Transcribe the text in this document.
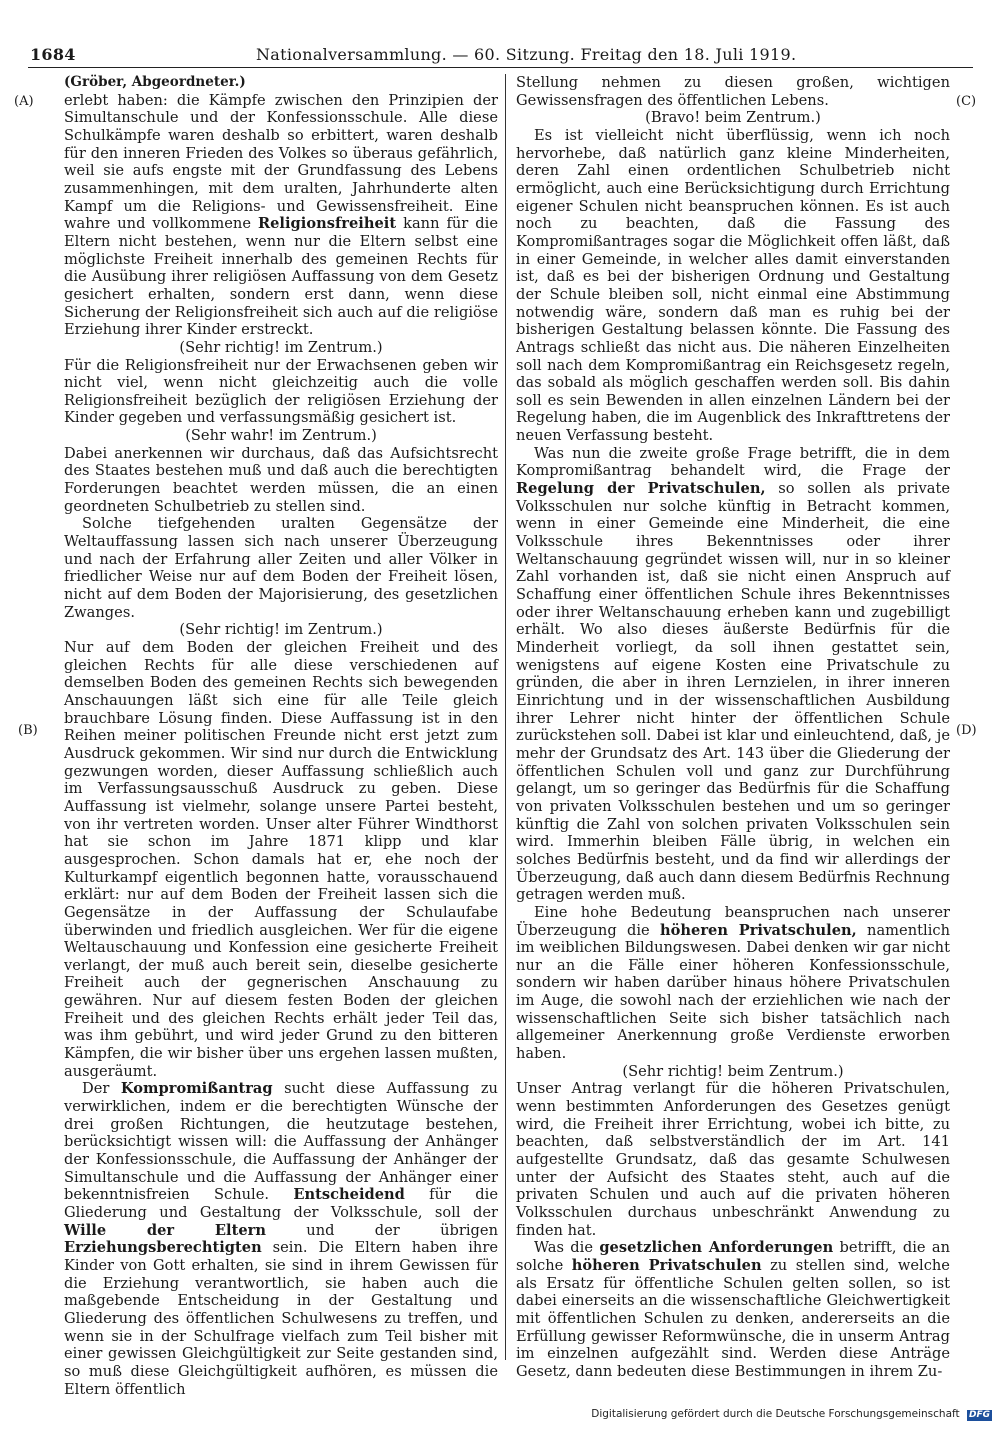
1684	Nationalversammlung. — 60. Sitzung. Freitag den 18. Juli 1919.
(A)
(B)
(C)
(D)

(Gröber, Abgeordneter.)

erlebt haben: die Kämpfe zwischen den Prinzipien der Simultanschule und der Konfessionsschule. Alle diese Schulkämpfe waren deshalb so erbittert, waren deshalb für den inneren Frieden des Volkes so überaus gefährlich, weil sie aufs engste mit der Grundfassung des Lebens zusammenhingen, mit dem uralten, Jahrhunderte alten Kampf um die Religions- und Gewissensfreiheit. Eine wahre und vollkommene Religionsfreiheit kann für die Eltern nicht bestehen, wenn nur die Eltern selbst eine möglichste Freiheit innerhalb des gemeinen Rechts für die Ausübung ihrer religiösen Auffassung von dem Gesetz gesichert erhalten, sondern erst dann, wenn diese Sicherung der Religionsfreiheit sich auch auf die religiöse Erziehung ihrer Kinder erstreckt.

(Sehr richtig! im Zentrum.)

Für die Religionsfreiheit nur der Erwachsenen geben wir nicht viel, wenn nicht gleichzeitig auch die volle Religionsfreiheit bezüglich der religiösen Erziehung der Kinder gegeben und verfassungsmäßig gesichert ist.

(Sehr wahr! im Zentrum.)

Dabei anerkennen wir durchaus, daß das Aufsichtsrecht des Staates bestehen muß und daß auch die berechtigten Forderungen beachtet werden müssen, die an einen geordneten Schulbetrieb zu stellen sind.

Solche tiefgehenden uralten Gegensätze der Weltauffassung lassen sich nach unserer Überzeugung und nach der Erfahrung aller Zeiten und aller Völker in friedlicher Weise nur auf dem Boden der Freiheit lösen, nicht auf dem Boden der Majorisierung, des gesetzlichen Zwanges.

(Sehr richtig! im Zentrum.)

Nur auf dem Boden der gleichen Freiheit und des gleichen Rechts für alle diese verschiedenen auf demselben Boden des gemeinen Rechts sich bewegenden Anschauungen läßt sich eine für alle Teile gleich brauchbare Lösung finden. Diese Auffassung ist in den Reihen meiner politischen Freunde nicht erst jetzt zum Ausdruck gekommen. Wir sind nur durch die Entwicklung gezwungen worden, dieser Auffassung schließlich auch im Verfassungsausschuß Ausdruck zu geben. Diese Auffassung ist vielmehr, solange unsere Partei besteht, von ihr vertreten worden. Unser alter Führer Windthorst hat sie schon im Jahre 1871 klipp und klar ausgesprochen. Schon damals hat er, ehe noch der Kulturkampf eigentlich begonnen hatte, vorausschauend erklärt: nur auf dem Boden der Freiheit lassen sich die Gegensätze in der Auffassung der Schulaufabe überwinden und friedlich ausgleichen. Wer für die eigene Weltauschauung und Konfession eine gesicherte Freiheit verlangt, der muß auch bereit sein, dieselbe gesicherte Freiheit auch der gegnerischen Anschauung zu gewähren. Nur auf diesem festen Boden der gleichen Freiheit und des gleichen Rechts erhält jeder Teil das, was ihm gebührt, und wird jeder Grund zu den bitteren Kämpfen, die wir bisher über uns ergehen lassen mußten, ausgeräumt.

Der Kompromißantrag sucht diese Auffassung zu verwirklichen, indem er die berechtigten Wünsche der drei großen Richtungen, die heutzutage bestehen, berücksichtigt wissen will: die Auffassung der Anhänger der Konfessionsschule, die Auffassung der Anhänger der Simultanschule und die Auffassung der Anhänger einer bekenntnisfreien Schule. Entscheidend für die Gliederung und Gestaltung der Volksschule, soll der Wille der Eltern	und der übrigen Erziehungsberechtigten sein. Die Eltern haben ihre Kinder von Gott erhalten, sie sind in ihrem Gewissen für die Erziehung verantwortlich, sie haben auch die maßgebende Entscheidung in der Gestaltung und Gliederung des öffentlichen Schulwesens zu treffen, und wenn sie in der Schulfrage vielfach zum Teil bisher mit einer gewissen Gleichgültigkeit zur Seite gestanden sind, so muß diese Gleichgültigkeit aufhören, es müssen die Eltern öffentlich

Stellung nehmen zu diesen großen, wichtigen Gewissensfragen des öffentlichen Lebens.

(Bravo! beim Zentrum.)

Es ist vielleicht nicht überflüssig, wenn ich noch hervorhebe, daß natürlich ganz kleine Minderheiten, deren Zahl einen ordentlichen Schulbetrieb nicht ermöglicht, auch eine Berücksichtigung durch Errichtung eigener Schulen nicht beanspruchen können. Es ist auch noch zu beachten, daß die Fassung des Kompromißantrages sogar die Möglichkeit offen läßt, daß in einer Gemeinde, in welcher alles damit einverstanden ist, daß es bei der bisherigen Ordnung und Gestaltung der Schule bleiben soll, nicht einmal eine Abstimmung notwendig wäre, sondern daß man es ruhig bei der bisherigen Gestaltung belassen könnte. Die Fassung des Antrags schließt das nicht aus. Die näheren Einzelheiten soll nach dem Kompromißantrag ein Reichsgesetz regeln, das sobald als möglich geschaffen werden soll. Bis dahin soll es sein Bewenden in allen einzelnen Ländern bei der Regelung haben, die im Augenblick des Inkrafttretens der neuen Verfassung besteht.

Was nun die zweite große Frage betrifft, die in dem Kompromißantrag behandelt wird, die Frage der Regelung der Privatschulen, so sollen als private Volksschulen nur solche künftig in Betracht kommen, wenn in einer Gemeinde eine Minderheit, die eine Volksschule ihres Bekenntnisses oder ihrer Weltanschauung gegründet wissen will, nur in so kleiner Zahl vorhanden ist, daß sie nicht einen Anspruch auf Schaffung einer öffentlichen Schule ihres Bekenntnisses oder ihrer Weltanschauung erheben kann und zugebilligt erhält. Wo also dieses äußerste Bedürfnis für die Minderheit vorliegt, da soll ihnen gestattet sein, wenigstens auf eigene Kosten eine Privatschule zu gründen, die aber in ihren Lernzielen, in ihrer inneren Einrichtung und in der wissenschaftlichen Ausbildung ihrer Lehrer nicht hinter der öffentlichen Schule zurückstehen soll. Dabei ist klar und einleuchtend, daß, je mehr der Grundsatz des Art. 143 über die Gliederung der öffentlichen Schulen voll und ganz zur Durchführung gelangt, um so geringer das Bedürfnis für die Schaffung von privaten Volksschulen bestehen und um so geringer künftig die Zahl von solchen privaten Volksschulen sein wird. Immerhin bleiben Fälle übrig, in welchen ein solches Bedürfnis besteht, und da find wir allerdings der Überzeugung, daß auch dann diesem Bedürfnis Rechnung getragen werden muß.

Eine hohe Bedeutung beanspruchen nach unserer Überzeugung die höheren Privatschulen, namentlich im weiblichen Bildungswesen. Dabei denken wir gar nicht nur an die Fälle einer höheren Konfessionsschule, sondern wir haben darüber hinaus höhere Privatschulen im Auge, die sowohl nach der erziehlichen wie nach der wissenschaftlichen Seite sich bisher tatsächlich nach allgemeiner Anerkennung große Verdienste erworben haben.

(Sehr richtig! beim Zentrum.)

Unser Antrag verlangt für die höheren Privatschulen, wenn bestimmten Anforderungen des Gesetzes genügt wird, die Freiheit ihrer Errichtung, wobei ich bitte, zu beachten, daß selbstverständlich der im Art. 141 aufgestellte Grundsatz, daß das gesamte Schulwesen unter der Aufsicht des Staates steht, auch auf die privaten Schulen und auch auf die privaten höheren Volksschulen durchaus unbeschränkt Anwendung zu finden hat.

Was die gesetzlichen Anforderungen betrifft, die an solche höheren Privatschulen zu stellen sind, welche als Ersatz für öffentliche Schulen gelten sollen, so ist dabei einerseits an die wissenschaftliche Gleichwertigkeit mit öffentlichen Schulen zu denken, andererseits an die Erfüllung gewisser Reformwünsche, die in unserm Antrag im einzelnen aufgezählt sind. Werden diese Anträge Gesetz, dann bedeuten diese Bestimmungen in ihrem Zu-

Digitalisierung gefördert durch die Deutsche Forschungsgemeinschaft DFG
